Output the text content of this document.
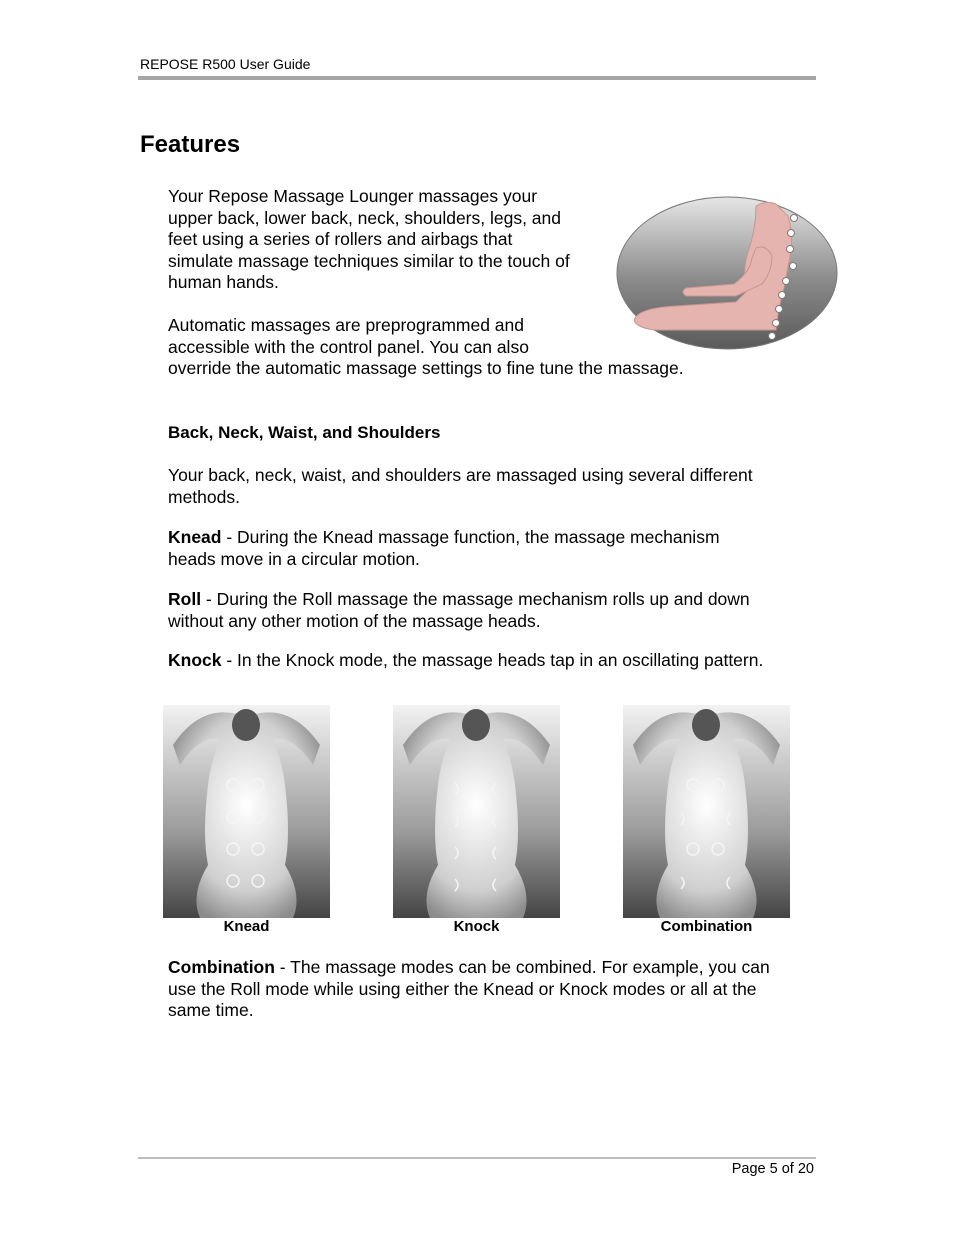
REPOSE R500 User Guide
Features

Your Repose Massage Lounger massages your
upper back, lower back, neck, shoulders, legs, and
feet using a series of rollers and airbags that
simulate massage techniques similar to the touch of
human hands.

Automatic massages are preprogrammed and
accessible with the control panel. You can also
override the automatic massage settings to fine tune the massage.

Back, Neck, Waist, and Shoulders

Your back, neck, waist, and shoulders are massaged using several different
methods.

Knead - During the Knead massage function, the massage mechanism
heads move in a circular motion.

Roll - During the Roll massage the massage mechanism rolls up and down
without any other motion of the massage heads.

Knock - In the Knock mode, the massage heads tap in an oscillating pattern.

Knead	Knock	Combination

Combination - The massage modes can be combined. For example, you can
use the Roll mode while using either the Knead or Knock modes or all at the
same time.

Page 5 of 20
